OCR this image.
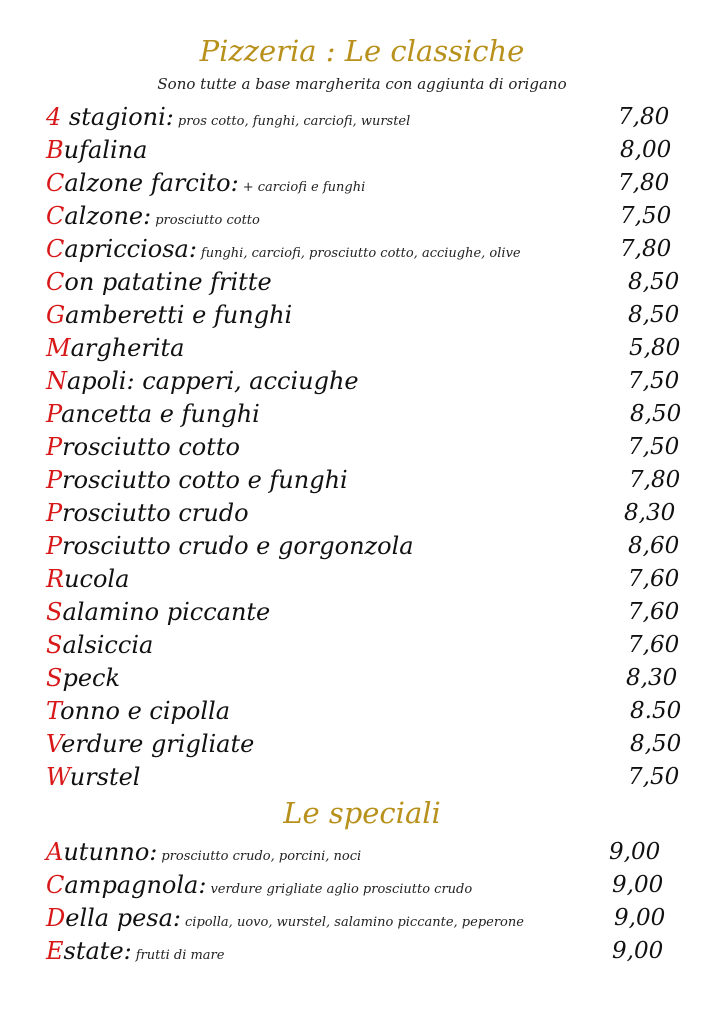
Pizzeria : Le classiche
Sono tutte a base margherita con aggiunta di origano
4 stagioni: pros cotto, funghi, carciofi, wurstel	7,80
Bufalina	8,00
Calzone farcito: + carciofi e funghi	7,80
Calzone: prosciutto cotto	7,50
Capricciosa: funghi, carciofi, prosciutto cotto, acciughe, olive	7,80
Con patatine fritte	8,50
Gamberetti e funghi	8,50
Margherita	5,80
Napoli: capperi, acciughe	7,50
Pancetta e funghi	8,50
Prosciutto cotto	7,50
Prosciutto cotto e funghi	7,80
Prosciutto crudo	8,30
Prosciutto crudo e gorgonzola	8,60
Rucola	7,60
Salamino piccante	7,60
Salsiccia	7,60
Speck	8,30
Tonno e cipolla	8.50
Verdure grigliate	8,50
Wurstel	7,50
Le speciali
Autunno: prosciutto crudo, porcini, noci	9,00
Campagnola: verdure grigliate aglio prosciutto crudo	9,00
Della pesa: cipolla, uovo, wurstel, salamino piccante, peperone	9,00
Estate: frutti di mare	9,00
